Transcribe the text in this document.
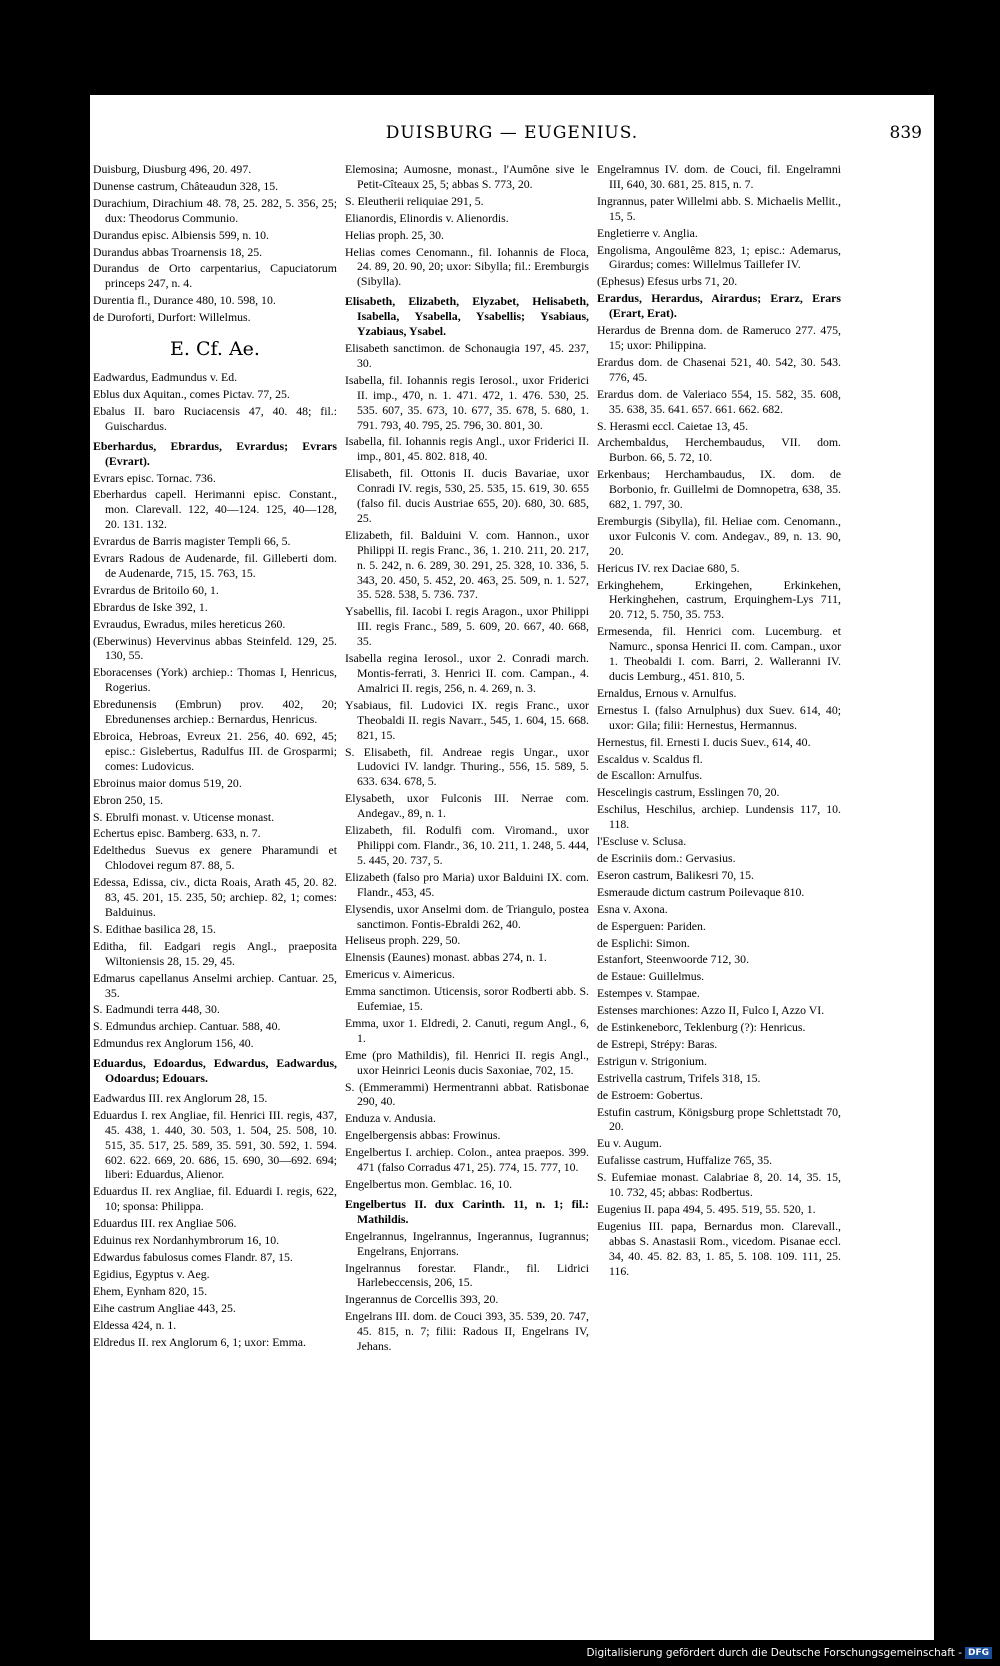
DUISBURG — EUGENIUS.	839
Duisburg, Diusburg 496, 20. 497.
Dunense castrum, Châteaudun 328, 15.
Durachium, Dirachium 48. 78, 25. 282, 5. 356, 25; dux: Theodorus Communio.
Durandus episc. Albiensis 599, n. 10.
Durandus abbas Troarnensis 18, 25.
Durandus de Orto carpentarius, Capuciatorum princeps 247, n. 4.
Durentia fl., Durance 480, 10. 598, 10.
de Duroforti, Durfort: Willelmus.
E. Cf. Ae.
Eadwardus, Eadmundus v. Ed.
Eblus dux Aquitan., comes Pictav. 77, 25.
Ebalus II. baro Ruciacensis 47, 40. 48; fil.: Guischardus.
Eberhardus, Ebrardus, Evrardus; Evrars (Evrart).
Evrars episc. Tornac. 736.
Eberhardus capell. Herimanni episc. Constant., mon. Clarevall. 122, 40—124. 125, 40—128, 20. 131. 132.
Evrardus de Barris magister Templi 66, 5.
Evrars Radous de Audenarde, fil. Gilleberti dom. de Audenarde, 715, 15. 763, 15.
Evrardus de Britoilo 60, 1.
Ebrardus de Iske 392, 1.
Evraudus, Ewradus, miles hereticus 260.
(Eberwinus) Hevervinus abbas Steinfeld. 129, 25. 130, 55.
Eboracenses (York) archiep.: Thomas I, Henricus, Rogerius.
Ebredunensis (Embrun) prov. 402, 20; Ebredunenses archiep.: Bernardus, Henricus.
Ebroica, Hebroas, Evreux 21. 256, 40. 692, 45; episc.: Gislebertus, Radulfus III. de Grosparmi; comes: Ludovicus.
Ebroinus maior domus 519, 20.
Ebron 250, 15.
S. Ebrulfi monast. v. Uticense monast.
Echertus episc. Bamberg. 633, n. 7.
Edelthedus Suevus ex genere Pharamundi et Chlodovei regum 87. 88, 5.
Edessa, Edissa, civ., dicta Roais, Arath 45, 20. 82. 83, 45. 201, 15. 235, 50; archiep. 82, 1; comes: Balduinus.
S. Edithae basilica 28, 15.
Editha, fil. Eadgari regis Angl., praeposita Wiltoniensis 28, 15. 29, 45.
Edmarus capellanus Anselmi archiep. Cantuar. 25, 35.
S. Eadmundi terra 448, 30.
S. Edmundus archiep. Cantuar. 588, 40.
Edmundus rex Anglorum 156, 40.
Eduardus, Edoardus, Edwardus, Eadwardus, Odoardus; Edouars.
Eadwardus III. rex Anglorum 28, 15.
Eduardus I. rex Angliae, fil. Henrici III. regis, 437, 45. 438, 1. 440, 30. 503, 1. 504, 25. 508, 10. 515, 35. 517, 25. 589, 35. 591, 30. 592, 1. 594. 602. 622. 669, 20. 686, 15. 690, 30—692. 694; liberi: Eduardus, Alienor.
Eduardus II. rex Angliae, fil. Eduardi I. regis, 622, 10; sponsa: Philippa.
Eduardus III. rex Angliae 506.
Eduinus rex Nordanhymbrorum 16, 10.
Edwardus fabulosus comes Flandr. 87, 15.
Egidius, Egyptus v. Aeg.
Ehem, Eynham 820, 15.
Eihe castrum Angliae 443, 25.
Eldessa 424, n. 1.
Eldredus II. rex Anglorum 6, 1; uxor: Emma.
Elemosina; Aumosne, monast., l'Aumône sive le Petit-Cîteaux 25, 5; abbas S. 773, 20.
S. Eleutherii reliquiae 291, 5.
Elianordis, Elinordis v. Alienordis.
Helias proph. 25, 30.
Helias comes Cenomann., fil. Iohannis de Floca, 24. 89, 20. 90, 20; uxor: Sibylla; fil.: Eremburgis (Sibylla).
Elisabeth, Elizabeth, Elyzabet, Helisabeth, Isabella, Ysabella, Ysabellis; Ysabiaus, Yzabiaus, Ysabel.
Elisabeth sanctimon. de Schonaugia 197, 45. 237, 30.
Isabella, fil. Iohannis regis Ierosol., uxor Friderici II. imp., 470, n. 1. 471. 472, 1. 476. 530, 25. 535. 607, 35. 673, 10. 677, 35. 678, 5. 680, 1. 791. 793, 40. 795, 25. 796, 30. 801, 30.
Isabella, fil. Iohannis regis Angl., uxor Friderici II. imp., 801, 45. 802. 818, 40.
Elisabeth, fil. Ottonis II. ducis Bavariae, uxor Conradi IV. regis, 530, 25. 535, 15. 619, 30. 655 (falso fil. ducis Austriae 655, 20). 680, 30. 685, 25.
Elizabeth, fil. Balduini V. com. Hannon., uxor Philippi II. regis Franc., 36, 1. 210. 211, 20. 217, n. 5. 242, n. 6. 289, 30. 291, 25. 328, 10. 336, 5. 343, 20. 450, 5. 452, 20. 463, 25. 509, n. 1. 527, 35. 528. 538, 5. 736. 737.
Ysabellis, fil. Iacobi I. regis Aragon., uxor Philippi III. regis Franc., 589, 5. 609, 20. 667, 40. 668, 35.
Isabella regina Ierosol., uxor 2. Conradi march. Montis-ferrati, 3. Henrici II. com. Campan., 4. Amalrici II. regis, 256, n. 4. 269, n. 3.
Ysabiaus, fil. Ludovici IX. regis Franc., uxor Theobaldi II. regis Navarr., 545, 1. 604, 15. 668. 821, 15.
S. Elisabeth, fil. Andreae regis Ungar., uxor Ludovici IV. landgr. Thuring., 556, 15. 589, 5. 633. 634. 678, 5.
Elysabeth, uxor Fulconis III. Nerrae com. Andegav., 89, n. 1.
Elizabeth, fil. Rodulfi com. Viromand., uxor Philippi com. Flandr., 36, 10. 211, 1. 248, 5. 444, 5. 445, 20. 737, 5.
Elizabeth (falso pro Maria) uxor Balduini IX. com. Flandr., 453, 45.
Elysendis, uxor Anselmi dom. de Triangulo, postea sanctimon. Fontis-Ebraldi 262, 40.
Heliseus proph. 229, 50.
Elnensis (Eaunes) monast. abbas 274, n. 1.
Emericus v. Aimericus.
Emma sanctimon. Uticensis, soror Rodberti abb. S. Eufemiae, 15.
Emma, uxor 1. Eldredi, 2. Canuti, regum Angl., 6, 1.
Eme (pro Mathildis), fil. Henrici II. regis Angl., uxor Heinrici Leonis ducis Saxoniae, 702, 15.
S. (Emmerammi) Hermentranni abbat. Ratisbonae 290, 40.
Enduza v. Andusia.
Engelbergensis abbas: Frowinus.
Engelbertus I. archiep. Colon., antea praepos. 399. 471 (falso Corradus 471, 25). 774, 15. 777, 10.
Engelbertus mon. Gemblac. 16, 10.
Engelbertus II. dux Carinth. 11, n. 1; fil.: Mathildis.
Engelrannus, Ingelrannus, Ingerannus, Iugrannus; Engelrans, Enjorrans.
Ingelrannus forestar. Flandr., fil. Lidrici Harlebeccensis, 206, 15.
Ingerannus de Corcellis 393, 20.
Engelrans III. dom. de Couci 393, 35. 539, 20. 747, 45. 815, n. 7; filii: Radous II, Engelrans IV, Jehans.
Engelramnus IV. dom. de Couci, fil. Engelramni III, 640, 30. 681, 25. 815, n. 7.
Ingrannus, pater Willelmi abb. S. Michaelis Mellit., 15, 5.
Engletierre v. Anglia.
Engolisma, Angoulême 823, 1; episc.: Ademarus, Girardus; comes: Willelmus Taillefer IV.
(Ephesus) Efesus urbs 71, 20.
Erardus, Herardus, Airardus; Erarz, Erars (Erart, Erat).
Herardus de Brenna dom. de Rameruco 277. 475, 15; uxor: Philippina.
Erardus dom. de Chasenai 521, 40. 542, 30. 543. 776, 45.
Erardus dom. de Valeriaco 554, 15. 582, 35. 608, 35. 638, 35. 641. 657. 661. 662. 682.
S. Herasmi eccl. Caietae 13, 45.
Archembaldus, Herchembaudus, VII. dom. Burbon. 66, 5. 72, 10.
Erkenbaus; Herchambaudus, IX. dom. de Borbonio, fr. Guillelmi de Domnopetra, 638, 35. 682, 1. 797, 30.
Eremburgis (Sibylla), fil. Heliae com. Cenomann., uxor Fulconis V. com. Andegav., 89, n. 13. 90, 20.
Hericus IV. rex Daciae 680, 5.
Erkinghehem, Erkingehen, Erkinkehen, Herkinghehen, castrum, Erquinghem-Lys 711, 20. 712, 5. 750, 35. 753.
Ermesenda, fil. Henrici com. Lucemburg. et Namurc., sponsa Henrici II. com. Campan., uxor 1. Theobaldi I. com. Barri, 2. Walleranni IV. ducis Lemburg., 451. 810, 5.
Ernaldus, Ernous v. Arnulfus.
Ernestus I. (falso Arnulphus) dux Suev. 614, 40; uxor: Gila; filii: Hernestus, Hermannus.
Hernestus, fil. Ernesti I. ducis Suev., 614, 40.
Escaldus v. Scaldus fl.
de Escallon: Arnulfus.
Hescelingis castrum, Esslingen 70, 20.
Eschilus, Heschilus, archiep. Lundensis 117, 10. 118.
l'Escluse v. Sclusa.
de Escriniis dom.: Gervasius.
Eseron castrum, Balikesri 70, 15.
Esmeraude dictum castrum Poilevaque 810.
Esna v. Axona.
de Esperguen: Pariden.
de Esplichi: Simon.
Estanfort, Steenwoorde 712, 30.
de Estaue: Guillelmus.
Estempes v. Stampae.
Estenses marchiones: Azzo II, Fulco I, Azzo VI.
de Estinkeneborc, Teklenburg (?): Henricus.
de Estrepi, Strépy: Baras.
Estrigun v. Strigonium.
Estrivella castrum, Trifels 318, 15.
de Estroem: Gobertus.
Estufin castrum, Königsburg prope Schlettstadt 70, 20.
Eu v. Augum.
Eufalisse castrum, Huffalize 765, 35.
S. Eufemiae monast. Calabriae 8, 20. 14, 35. 15, 10. 732, 45; abbas: Rodbertus.
Eugenius II. papa 494, 5. 495. 519, 55. 520, 1.
Eugenius III. papa, Bernardus mon. Clarevall., abbas S. Anastasii Rom., vicedom. Pisanae eccl. 34, 40. 45. 82. 83, 1. 85, 5. 108. 109. 111, 25. 116.
Digitalisierung gefördert durch die Deutsche Forschungsgemeinschaft - DFG
